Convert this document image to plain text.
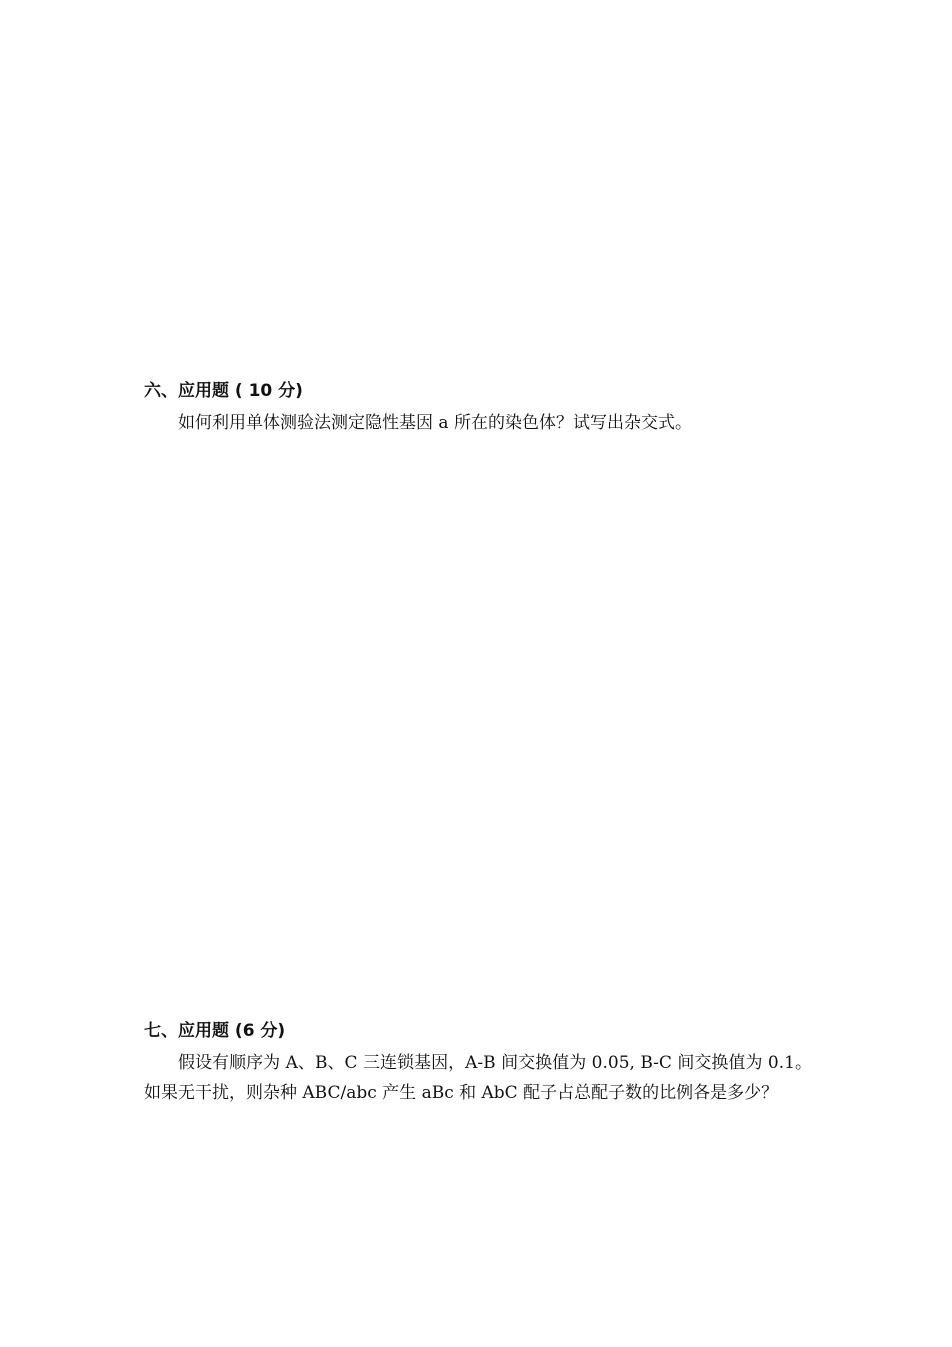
六、应用题 ( 10 分)

如何利用单体测验法测定隐性基因 a 所在的染色体？试写出杂交式。

七、应用题 (6 分)

假设有顺序为 A、B、C 三连锁基因，A-B 间交换值为 0.05, B-C 间交换值为 0.1。如果无干扰，则杂种 ABC/abc 产生 aBc 和 AbC 配子占总配子数的比例各是多少？
